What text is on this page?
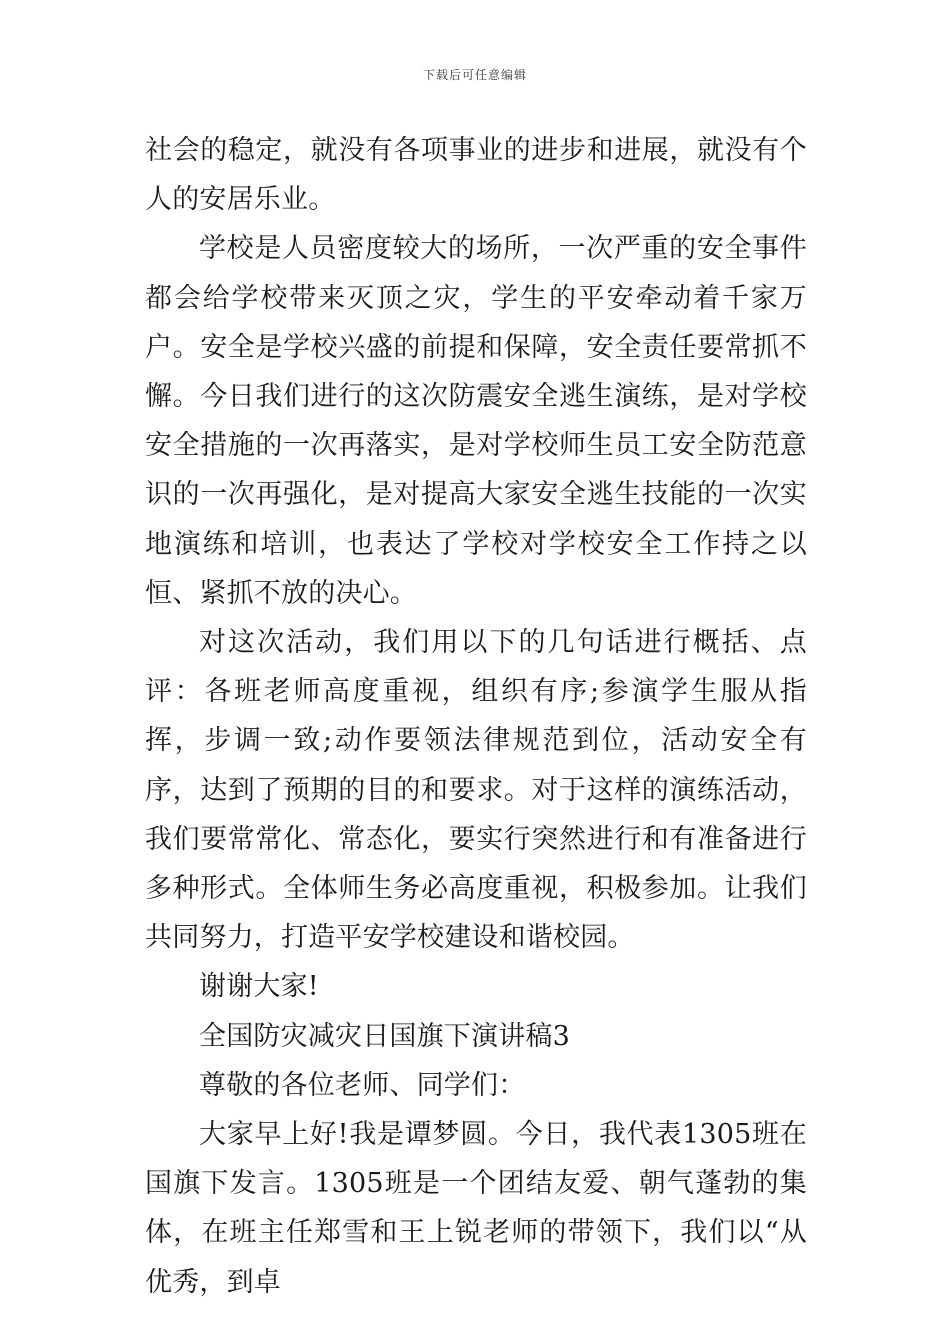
下载后可任意编辑

社会的稳定，就没有各项事业的进步和进展，就没有个人的安居乐业。

学校是人员密度较大的场所，一次严重的安全事件都会给学校带来灭顶之灾，学生的平安牵动着千家万户。安全是学校兴盛的前提和保障，安全责任要常抓不懈。今日我们进行的这次防震安全逃生演练，是对学校安全措施的一次再落实，是对学校师生员工安全防范意识的一次再强化，是对提高大家安全逃生技能的一次实地演练和培训，也表达了学校对学校安全工作持之以恒、紧抓不放的决心。

对这次活动，我们用以下的几句话进行概括、点评：各班老师高度重视，组织有序;参演学生服从指挥，步调一致;动作要领法律规范到位，活动安全有序，达到了预期的目的和要求。对于这样的演练活动，我们要常常化、常态化，要实行突然进行和有准备进行多种形式。全体师生务必高度重视，积极参加。让我们共同努力，打造平安学校建设和谐校园。

谢谢大家!

全国防灾减灾日国旗下演讲稿3

尊敬的各位老师、同学们：

大家早上好!我是谭梦圆。今日，我代表1305班在国旗下发言。1305班是一个团结友爱、朝气蓬勃的集体，在班主任郑雪和王上锐老师的带领下，我们以“从优秀，到卓
